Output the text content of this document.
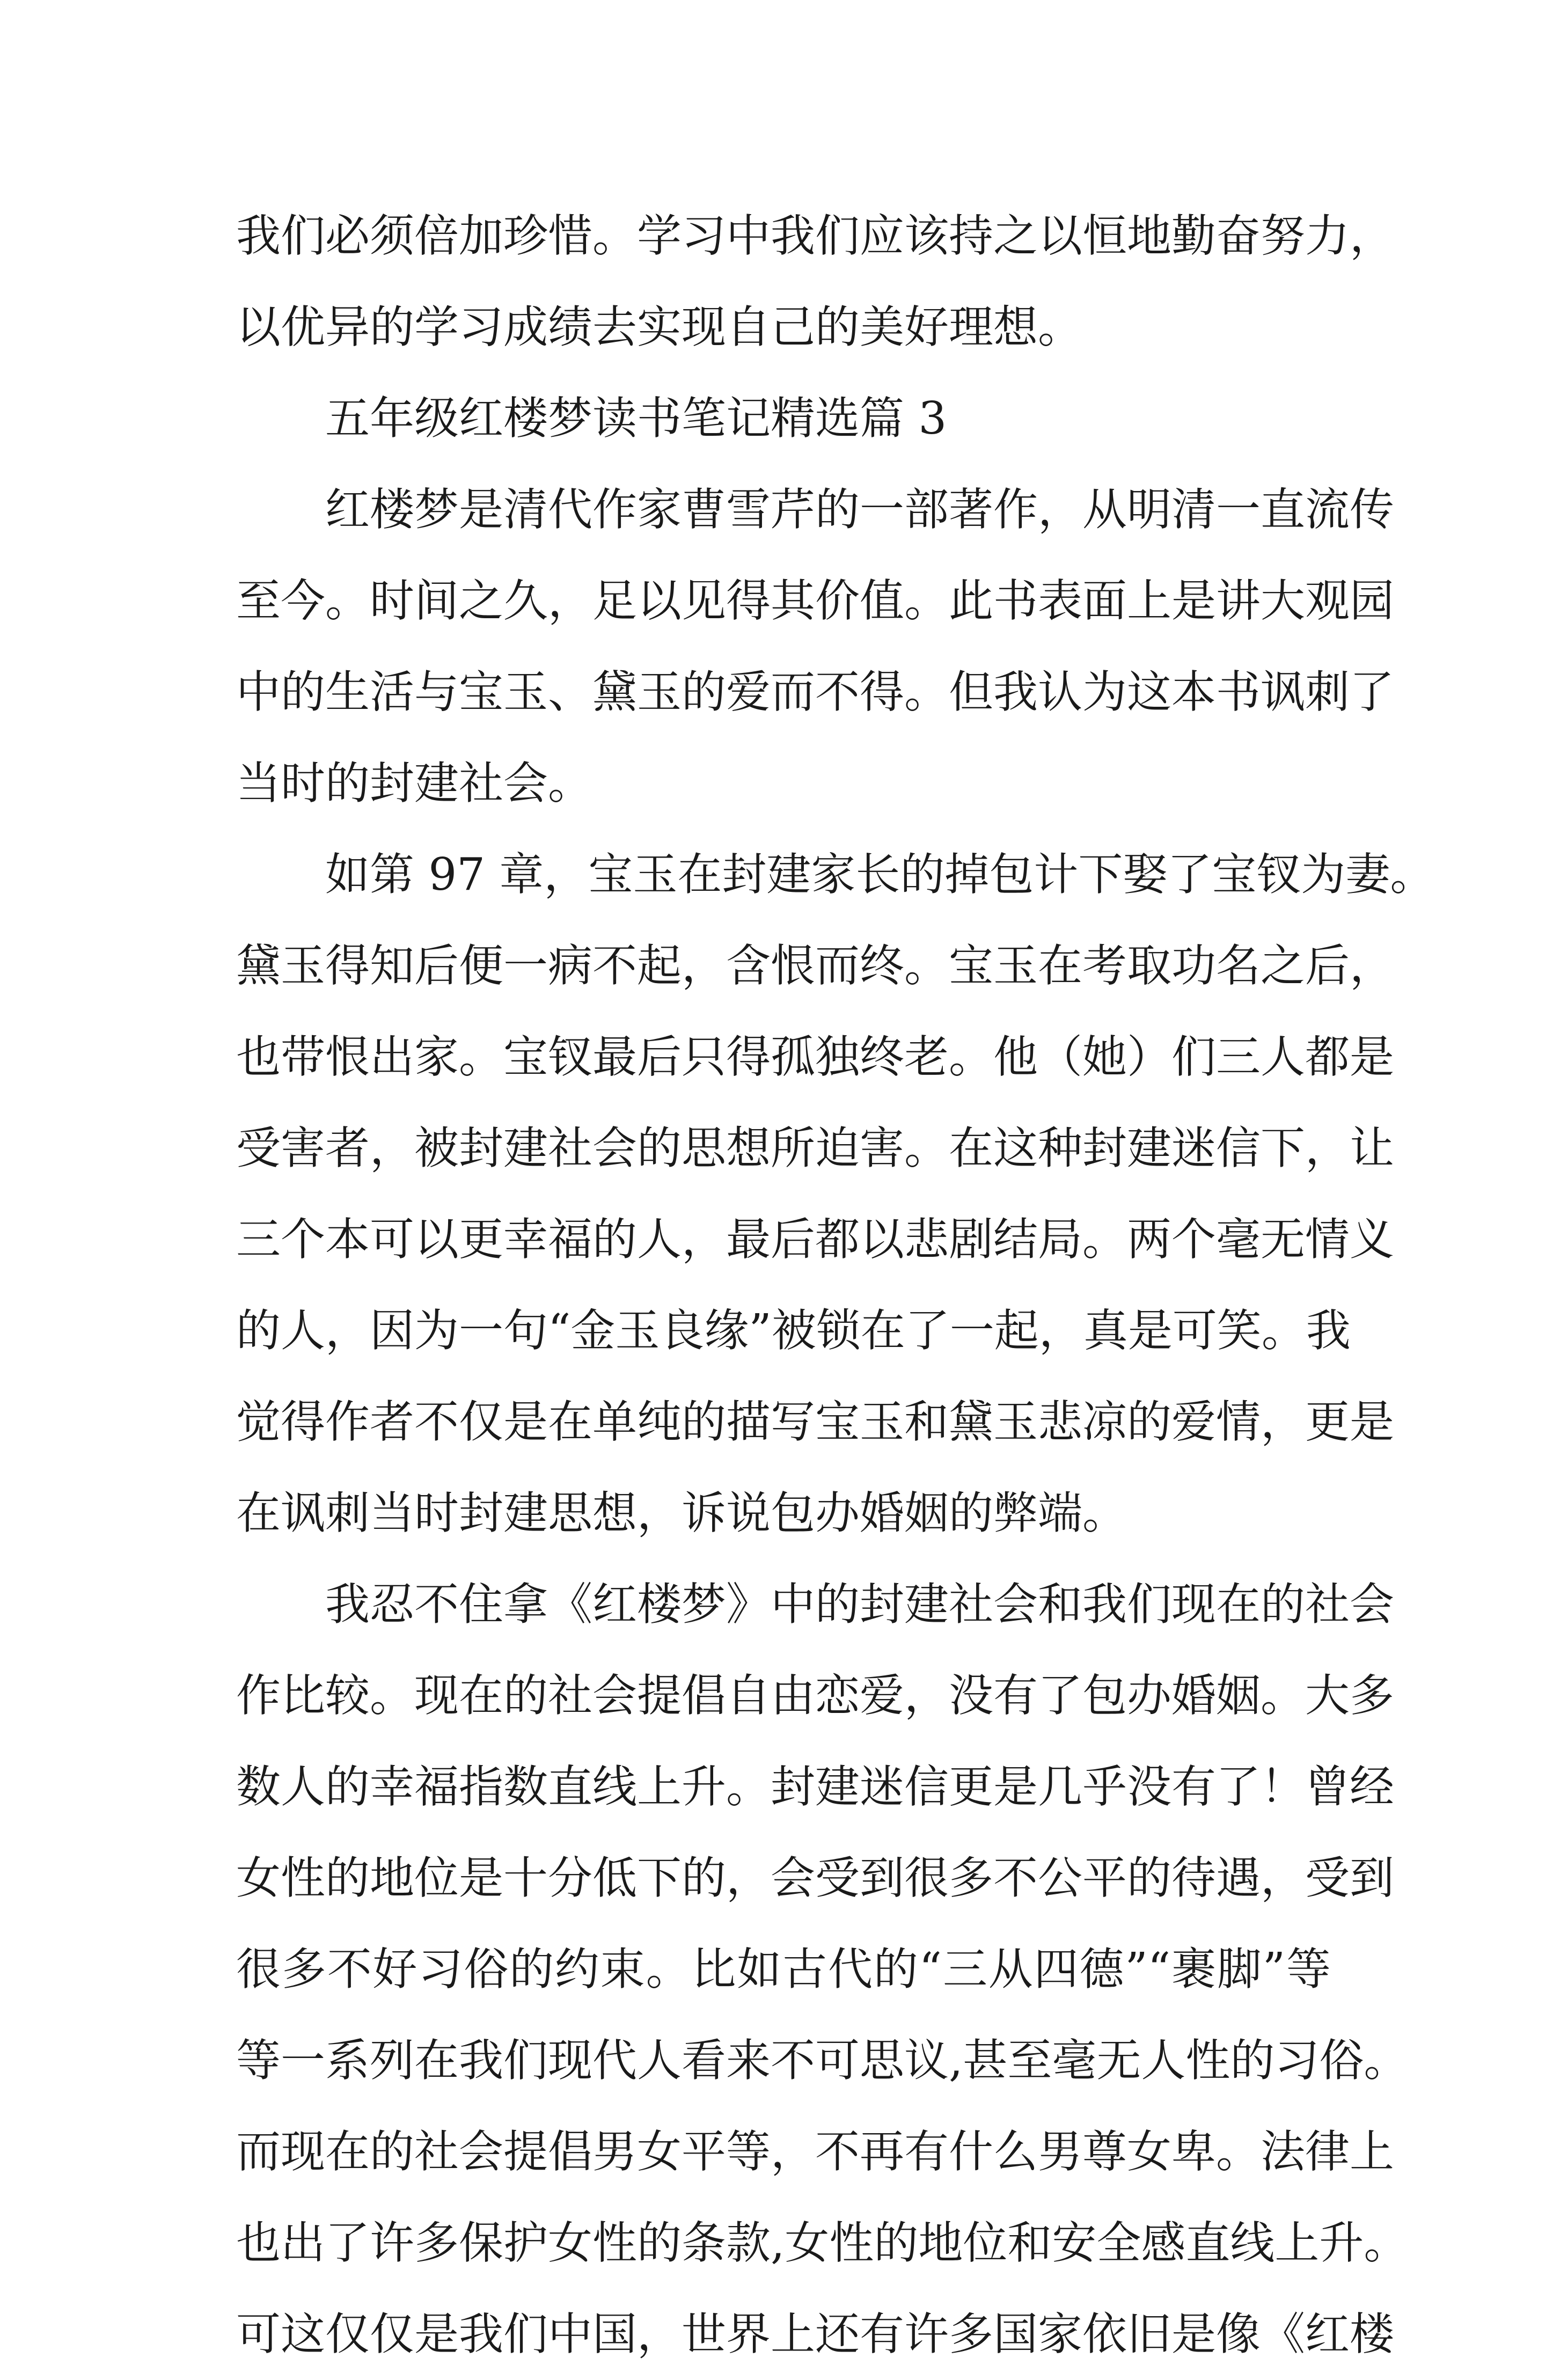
我们必须倍加珍惜。学习中我们应该持之以恒地勤奋努力，
以优异的学习成绩去实现自己的美好理想。
五年级红楼梦读书笔记精选篇 3
红楼梦是清代作家曹雪芹的一部著作，从明清一直流传
至今。时间之久，足以见得其价值。此书表面上是讲大观园
中的生活与宝玉、黛玉的爱而不得。但我认为这本书讽刺了
当时的封建社会。
如第 97 章，宝玉在封建家长的掉包计下娶了宝钗为妻。
黛玉得知后便一病不起，含恨而终。宝玉在考取功名之后，
也带恨出家。宝钗最后只得孤独终老。他（她）们三人都是
受害者，被封建社会的思想所迫害。在这种封建迷信下，让
三个本可以更幸福的人，最后都以悲剧结局。两个毫无情义
的人，因为一句“金玉良缘”被锁在了一起，真是可笑。我
觉得作者不仅是在单纯的描写宝玉和黛玉悲凉的爱情，更是
在讽刺当时封建思想，诉说包办婚姻的弊端。
我忍不住拿《红楼梦》中的封建社会和我们现在的社会
作比较。现在的社会提倡自由恋爱，没有了包办婚姻。大多
数人的幸福指数直线上升。封建迷信更是几乎没有了！曾经
女性的地位是十分低下的，会受到很多不公平的待遇，受到
很多不好习俗的约束。比如古代的“三从四德”“裹脚”等
等一系列在我们现代人看来不可思议,甚至毫无人性的习俗。
而现在的社会提倡男女平等，不再有什么男尊女卑。法律上
也出了许多保护女性的条款,女性的地位和安全感直线上升。
可这仅仅是我们中国，世界上还有许多国家依旧是像《红楼
